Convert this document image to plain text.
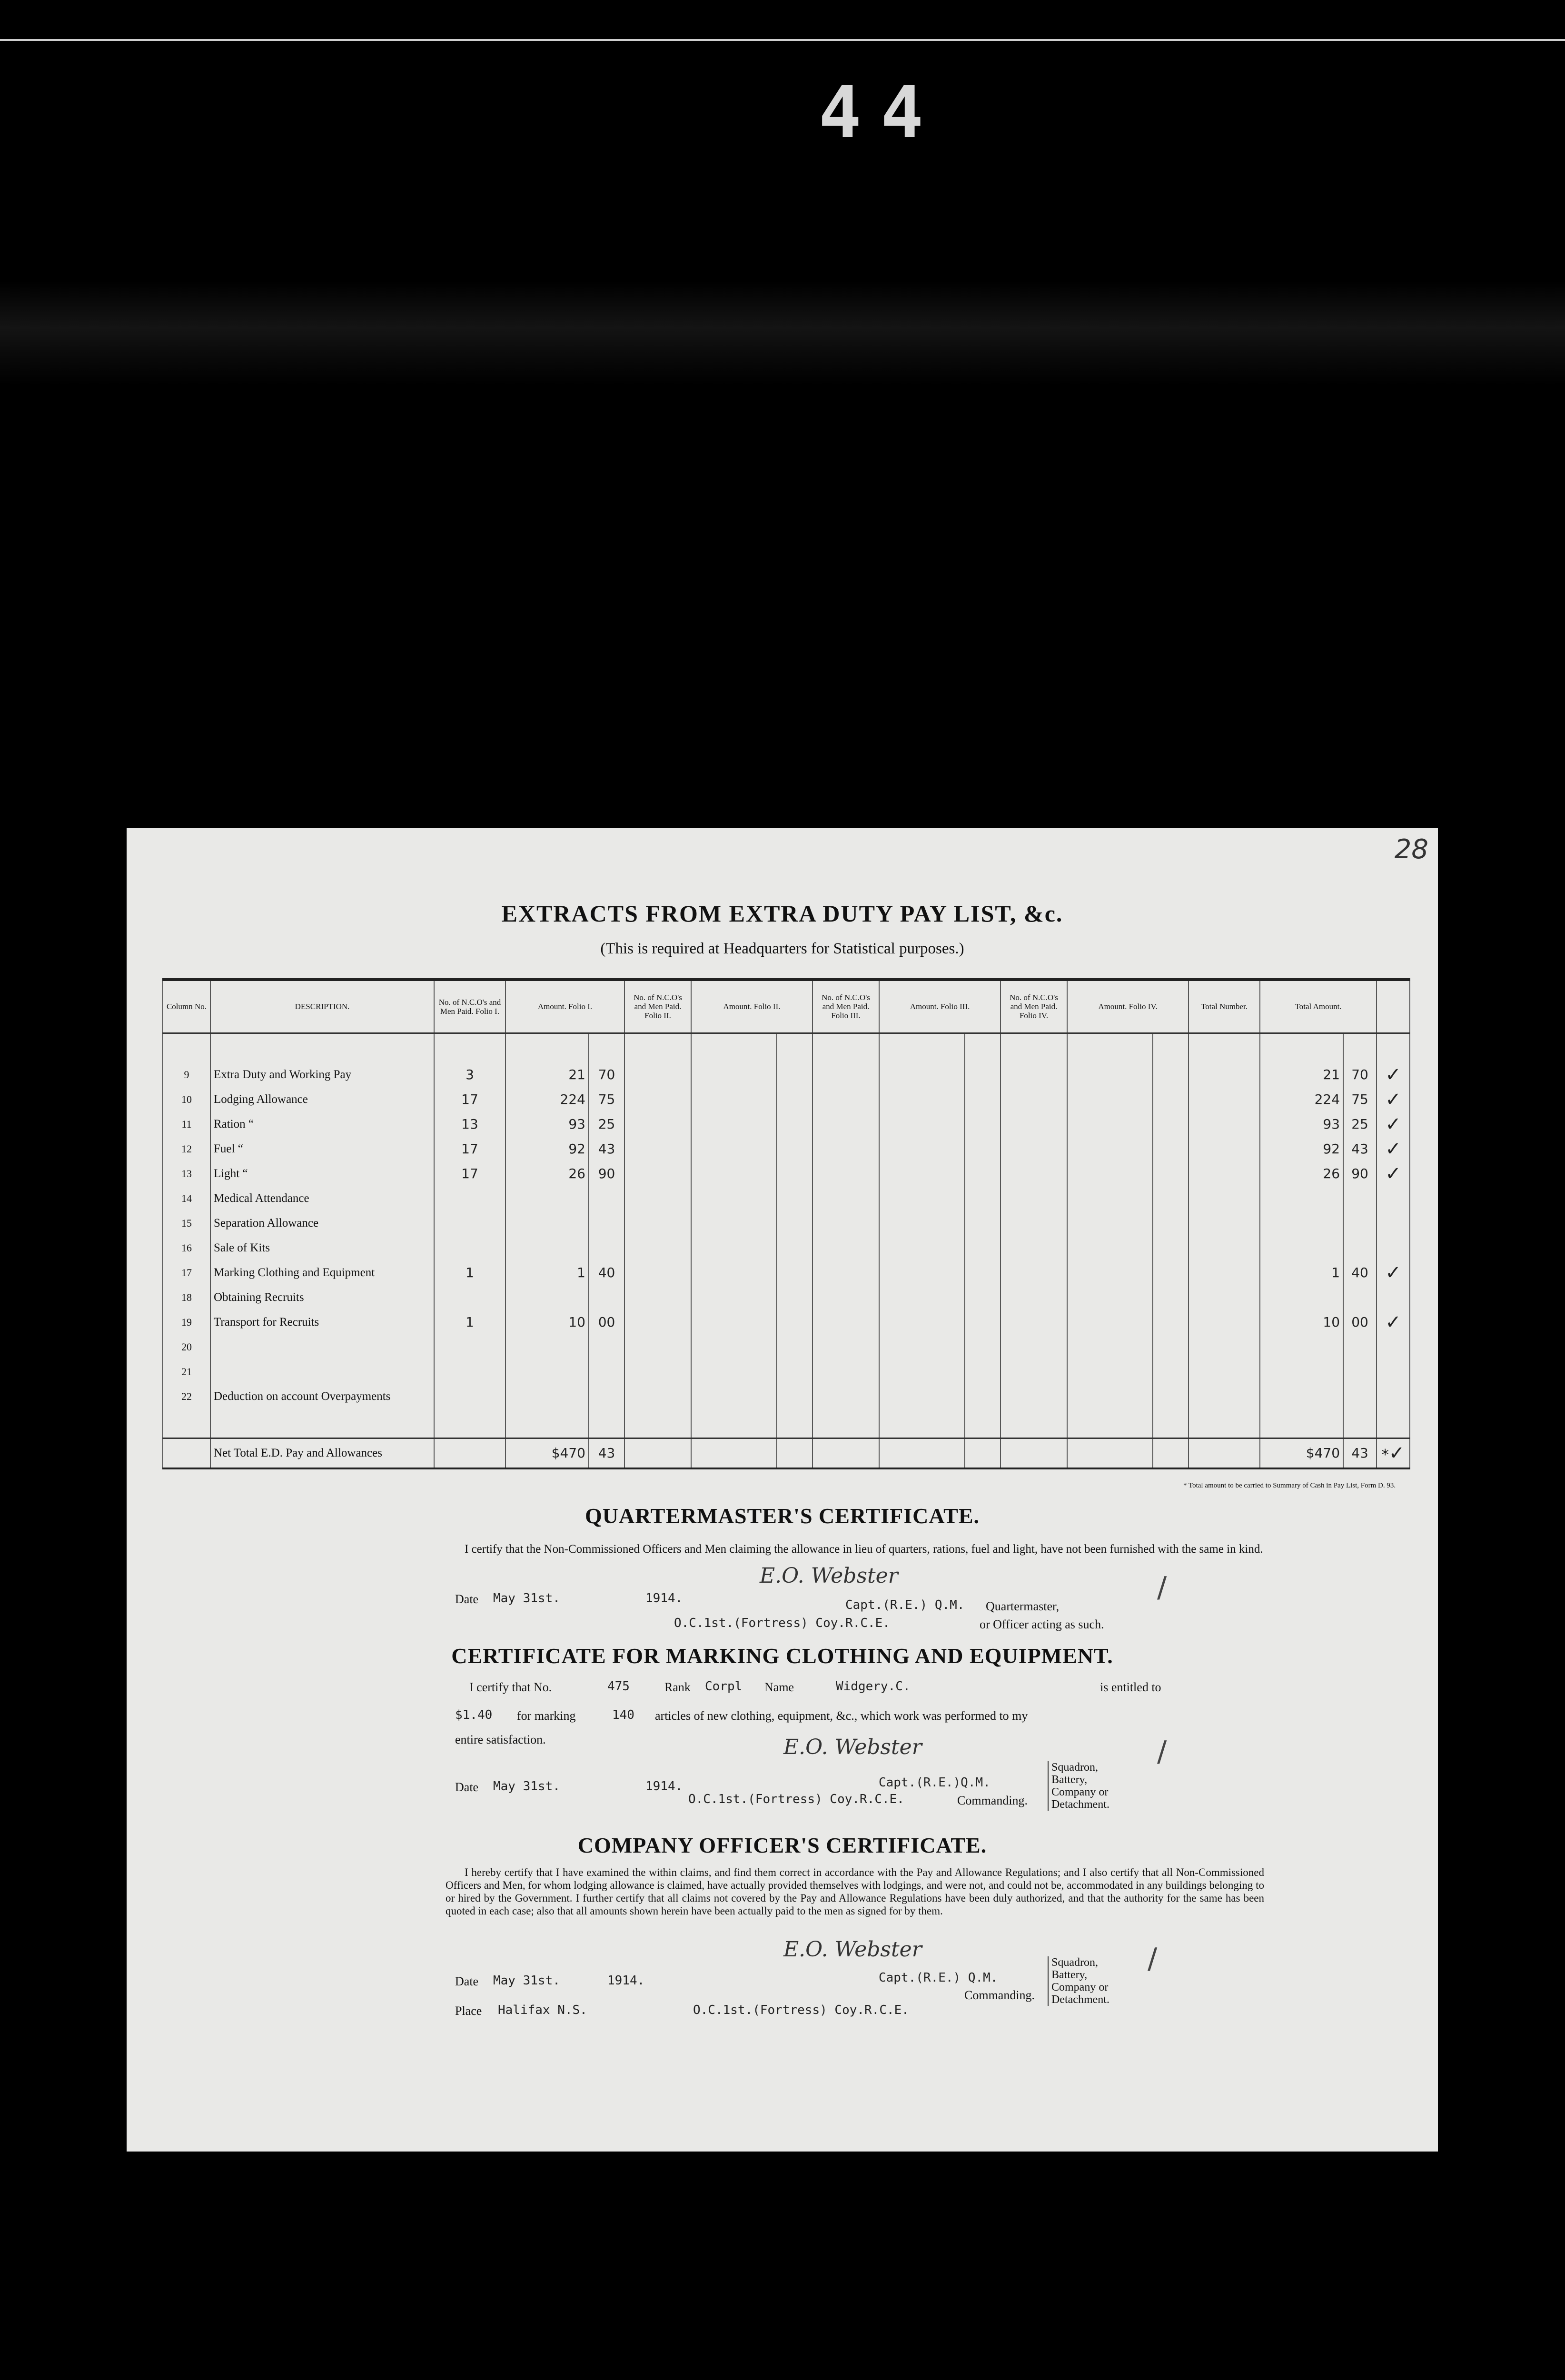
44
28
EXTRACTS FROM EXTRA DUTY PAY LIST, &c.
(This is required at Headquarters for Statistical purposes.)
Column No.	DESCRIPTION.	No. of N.C.O's and Men Paid. Folio I.	Amount. Folio I.		No. of N.C.O's and Men Paid. Folio II.	Amount. Folio II.		No. of N.C.O's and Men Paid. Folio III.	Amount. Folio III.		No. of N.C.O's and Men Paid. Folio IV.	Amount. Folio IV.		Total Number.	Total Amount.		

9	Extra Duty and Working Pay	3	21	70											21	70	✓
10	Lodging Allowance	17	224	75											224	75	✓
11	Ration “	13	93	25											93	25	✓
12	Fuel “	17	92	43											92	43	✓
13	Light “	17	26	90											26	90	✓
14	Medical Attendance																
15	Separation Allowance																
16	Sale of Kits																
17	Marking Clothing and Equipment	1	1	40											1	40	✓
18	Obtaining Recruits																
19	Transport for Recruits	1	10	00											10	00	✓
20																	
21																	
22	Deduction on account Overpayments																

	Net Total E.D. Pay and Allowances		$470	43											$470	43	*✓
* Total amount to be carried to Summary of Cash in Pay List, Form D. 93.
QUARTERMASTER'S CERTIFICATE.
I certify that the Non-Commissioned Officers and Men claiming the allowance in lieu of quarters, rations, fuel and light, have not been furnished with the same in kind.
Date May 31st.	1914.
E.O. Webster
Capt.(R.E.) Q.M. Quartermaster,
O.C.1st.(Fortress) Coy.R.C.E.	or Officer acting as such.
/
CERTIFICATE FOR MARKING CLOTHING AND EQUIPMENT.
I certify that No.	475	Rank Corpl Name	Widgery.C.	is entitled to
$1.40 for marking	140 articles of new clothing, equipment, &c., which work was performed to my
entire satisfaction.	E.O. Webster
Date May 31st.	1914.	Capt.(R.E.)Q.M.
O.C.1st.(Fortress) Coy.R.C.E.	Commanding.
Squadron,
Battery,
Company or
Detachment.
/
COMPANY OFFICER'S CERTIFICATE.
I hereby certify that I have examined the within claims, and find them correct in accordance with the Pay and Allowance Regulations; and I also certify that all Non-Commissioned Officers and Men, for whom lodging allowance is claimed, have actually provided themselves with lodgings, and were not, and could not be, accommodated in any buildings belonging to or hired by the Government. I further certify that all claims not covered by the Pay and Allowance Regulations have been duly authorized, and that the authority for the same has been quoted in each case; also that all amounts shown herein have been actually paid to the men as signed for by them.
E.O. Webster
Date May 31st.	1914.	Capt.(R.E.) Q.M.
Commanding.
Place Halifax N.S.	O.C.1st.(Fortress) Coy.R.C.E.
Squadron,
Battery,
Company or
Detachment.
/
